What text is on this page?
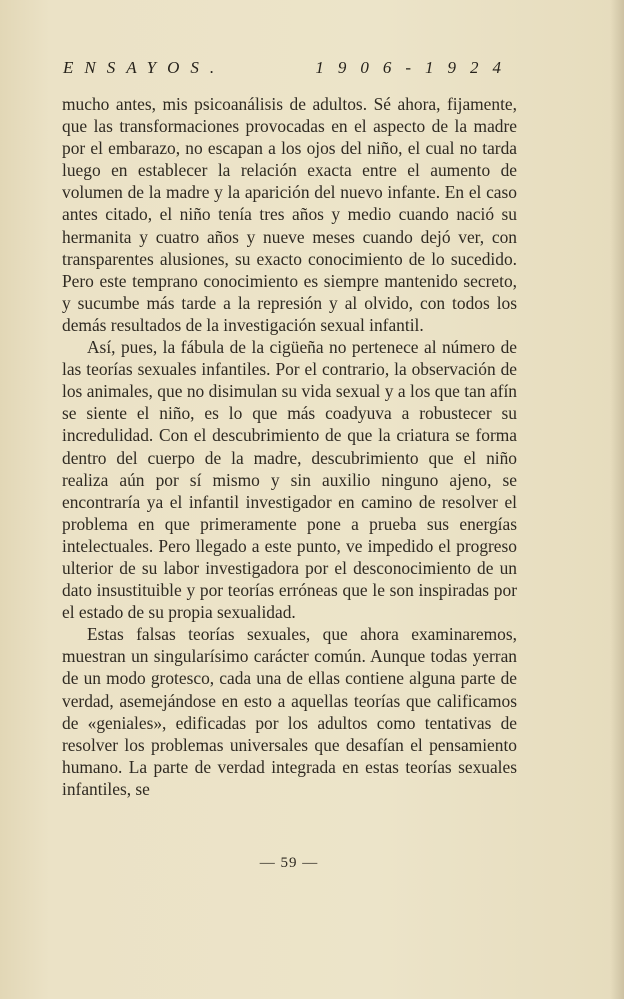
ENSAYOS.	1906-1924

mucho antes, mis psicoanálisis de adultos. Sé ahora, fijamente, que las transformaciones provocadas en el aspecto de la madre por el embarazo, no escapan a los ojos del niño, el cual no tarda luego en establecer la relación exacta entre el aumento de volumen de la madre y la aparición del nuevo infante. En el caso antes citado, el niño tenía tres años y medio cuando nació su hermanita y cuatro años y nueve meses cuando dejó ver, con transparentes alusiones, su exacto conocimiento de lo sucedido. Pero este temprano conocimiento es siempre mantenido secreto, y sucumbe más tarde a la represión y al olvido, con todos los demás resultados de la investigación sexual infantil.

Así, pues, la fábula de la cigüeña no pertenece al número de las teorías sexuales infantiles. Por el contrario, la observación de los animales, que no disimulan su vida sexual y a los que tan afín se siente el niño, es lo que más coadyuva a robustecer su incredulidad. Con el descubrimiento de que la criatura se forma dentro del cuerpo de la madre, descubrimiento que el niño realiza aún por sí mismo y sin auxilio ninguno ajeno, se encontraría ya el infantil investigador en camino de resolver el problema en que primeramente pone a prueba sus energías intelectuales. Pero llegado a este punto, ve impedido el progreso ulterior de su labor investigadora por el desconocimiento de un dato insustituible y por teorías erróneas que le son inspiradas por el estado de su propia sexualidad.

Estas falsas teorías sexuales, que ahora examinaremos, muestran un singularísimo carácter común. Aunque todas yerran de un modo grotesco, cada una de ellas contiene alguna parte de verdad, asemejándose en esto a aquellas teorías que calificamos de «geniales», edificadas por los adultos como tentativas de resolver los problemas universales que desafían el pensamiento humano. La parte de verdad integrada en estas teorías sexuales infantiles, se

— 59 —
